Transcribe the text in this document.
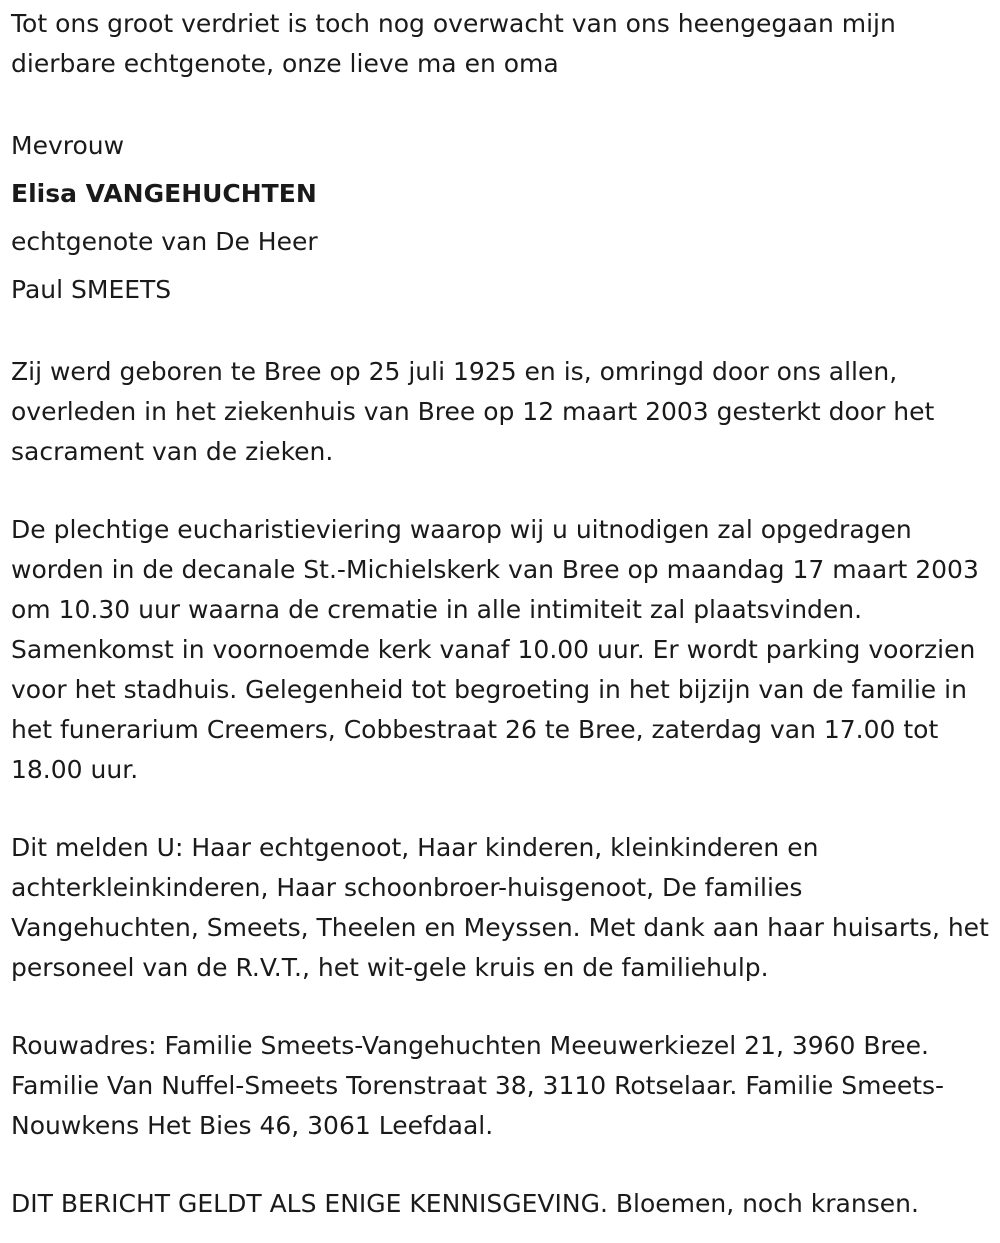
Tot ons groot verdriet is toch nog overwacht van ons heengegaan mijn dierbare echtgenote, onze lieve ma en oma

Mevrouw

Elisa VANGEHUCHTEN

echtgenote van De Heer

Paul SMEETS

Zij werd geboren te Bree op 25 juli 1925 en is, omringd door ons allen, overleden in het ziekenhuis van Bree op 12 maart 2003 gesterkt door het sacrament van de zieken.

De plechtige eucharistieviering waarop wij u uitnodigen zal opgedragen worden in de decanale St.-Michielskerk van Bree op maandag 17 maart 2003 om 10.30 uur waarna de crematie in alle intimiteit zal plaatsvinden. Samenkomst in voornoemde kerk vanaf 10.00 uur. Er wordt parking voorzien voor het stadhuis. Gelegenheid tot begroeting in het bijzijn van de familie in het funerarium Creemers, Cobbestraat 26 te Bree, zaterdag van 17.00 tot 18.00 uur.

Dit melden U: Haar echtgenoot, Haar kinderen, kleinkinderen en achterkleinkinderen, Haar schoonbroer-huisgenoot, De families Vangehuchten, Smeets, Theelen en Meyssen. Met dank aan haar huisarts, het personeel van de R.V.T., het wit-gele kruis en de familiehulp.

Rouwadres: Familie Smeets-Vangehuchten Meeuwerkiezel 21, 3960 Bree. Familie Van Nuffel-Smeets Torenstraat 38, 3110 Rotselaar. Familie Smeets-Nouwkens Het Bies 46, 3061 Leefdaal.

DIT BERICHT GELDT ALS ENIGE KENNISGEVING. Bloemen, noch kransen.
